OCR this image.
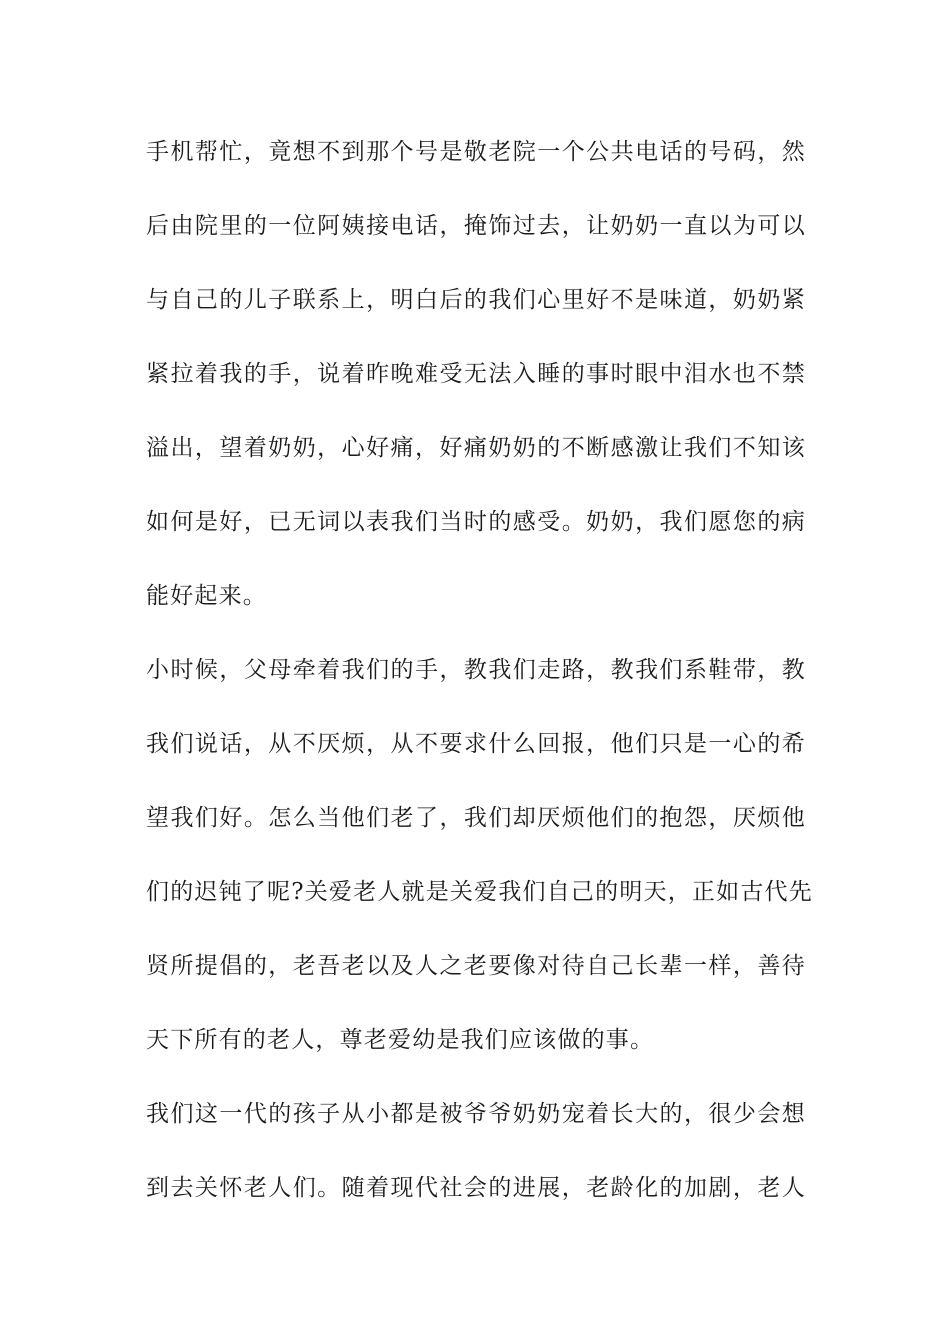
手机帮忙，竟想不到那个号是敬老院一个公共电话的号码，然
后由院里的一位阿姨接电话，掩饰过去，让奶奶一直以为可以
与自己的儿子联系上，明白后的我们心里好不是味道，奶奶紧
紧拉着我的手，说着昨晚难受无法入睡的事时眼中泪水也不禁
溢出，望着奶奶，心好痛，好痛奶奶的不断感激让我们不知该
如何是好，已无词以表我们当时的感受。奶奶，我们愿您的病
能好起来。
小时候，父母牵着我们的手，教我们走路，教我们系鞋带，教
我们说话，从不厌烦，从不要求什么回报，他们只是一心的希
望我们好。怎么当他们老了，我们却厌烦他们的抱怨，厌烦他
们的迟钝了呢?关爱老人就是关爱我们自己的明天，正如古代先
贤所提倡的，老吾老以及人之老要像对待自己长辈一样，善待
天下所有的老人，尊老爱幼是我们应该做的事。
我们这一代的孩子从小都是被爷爷奶奶宠着长大的，很少会想
到去关怀老人们。随着现代社会的进展，老龄化的加剧，老人
